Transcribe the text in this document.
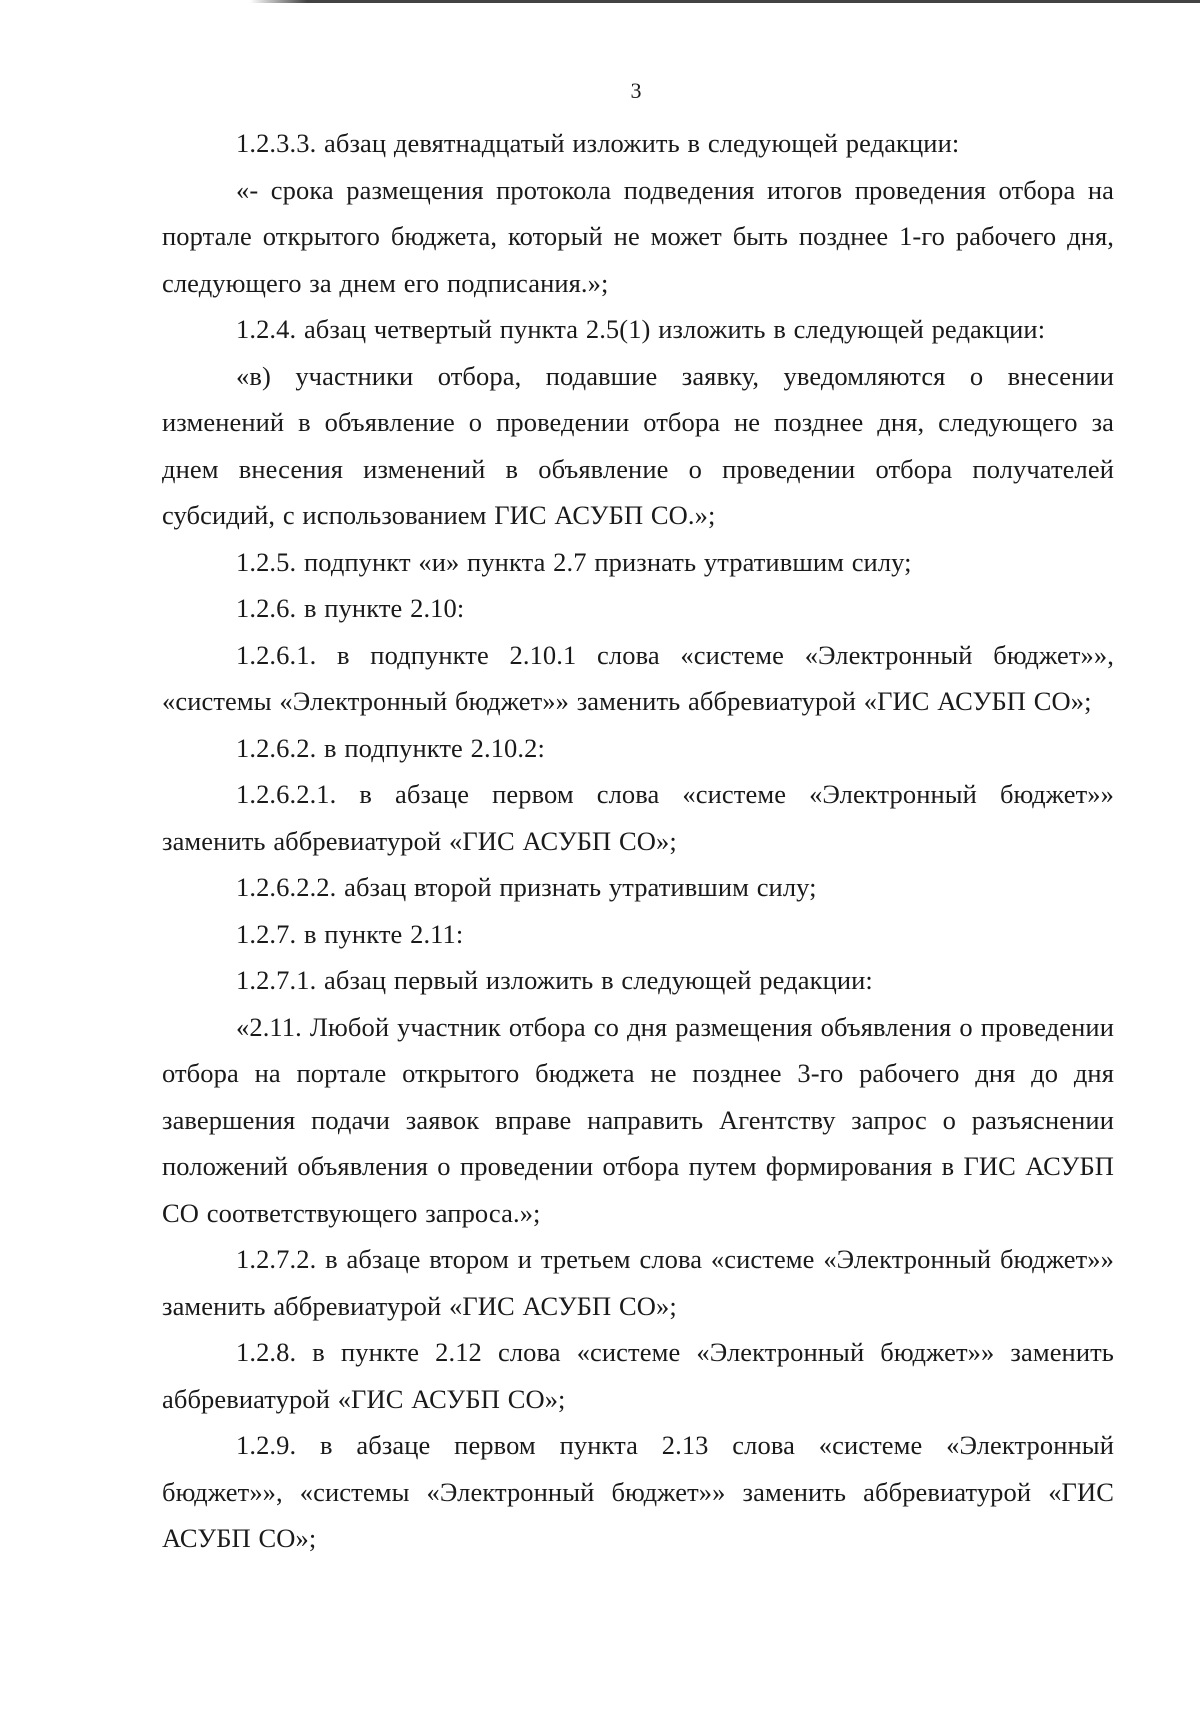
3

1.2.3.3. абзац девятнадцатый изложить в следующей редакции:

«- срока размещения протокола подведения итогов проведения отбора на портале открытого бюджета, который не может быть позднее 1-го рабочего дня, следующего за днем его подписания.»;

1.2.4. абзац четвертый пункта 2.5(1) изложить в следующей редакции:

«в) участники отбора, подавшие заявку, уведомляются о внесении изменений в объявление о проведении отбора не позднее дня, следующего за днем внесения изменений в объявление о проведении отбора получателей субсидий, с использованием ГИС АСУБП СО.»;

1.2.5. подпункт «и» пункта 2.7 признать утратившим силу;

1.2.6. в пункте 2.10:

1.2.6.1. в подпункте 2.10.1 слова «системе «Электронный бюджет»», «системы «Электронный бюджет»» заменить аббревиатурой «ГИС АСУБП СО»;

1.2.6.2. в подпункте 2.10.2:

1.2.6.2.1. в абзаце первом слова «системе «Электронный бюджет»» заменить аббревиатурой «ГИС АСУБП СО»;

1.2.6.2.2. абзац второй признать утратившим силу;

1.2.7. в пункте 2.11:

1.2.7.1. абзац первый изложить в следующей редакции:

«2.11. Любой участник отбора со дня размещения объявления о проведении отбора на портале открытого бюджета не позднее 3-го рабочего дня до дня завершения подачи заявок вправе направить Агентству запрос о разъяснении положений объявления о проведении отбора путем формирования в ГИС АСУБП СО соответствующего запроса.»;

1.2.7.2. в абзаце втором и третьем слова «системе «Электронный бюджет»» заменить аббревиатурой «ГИС АСУБП СО»;

1.2.8. в пункте 2.12 слова «системе «Электронный бюджет»» заменить аббревиатурой «ГИС АСУБП СО»;

1.2.9. в абзаце первом пункта 2.13 слова «системе «Электронный бюджет»», «системы «Электронный бюджет»» заменить аббревиатурой «ГИС АСУБП СО»;
